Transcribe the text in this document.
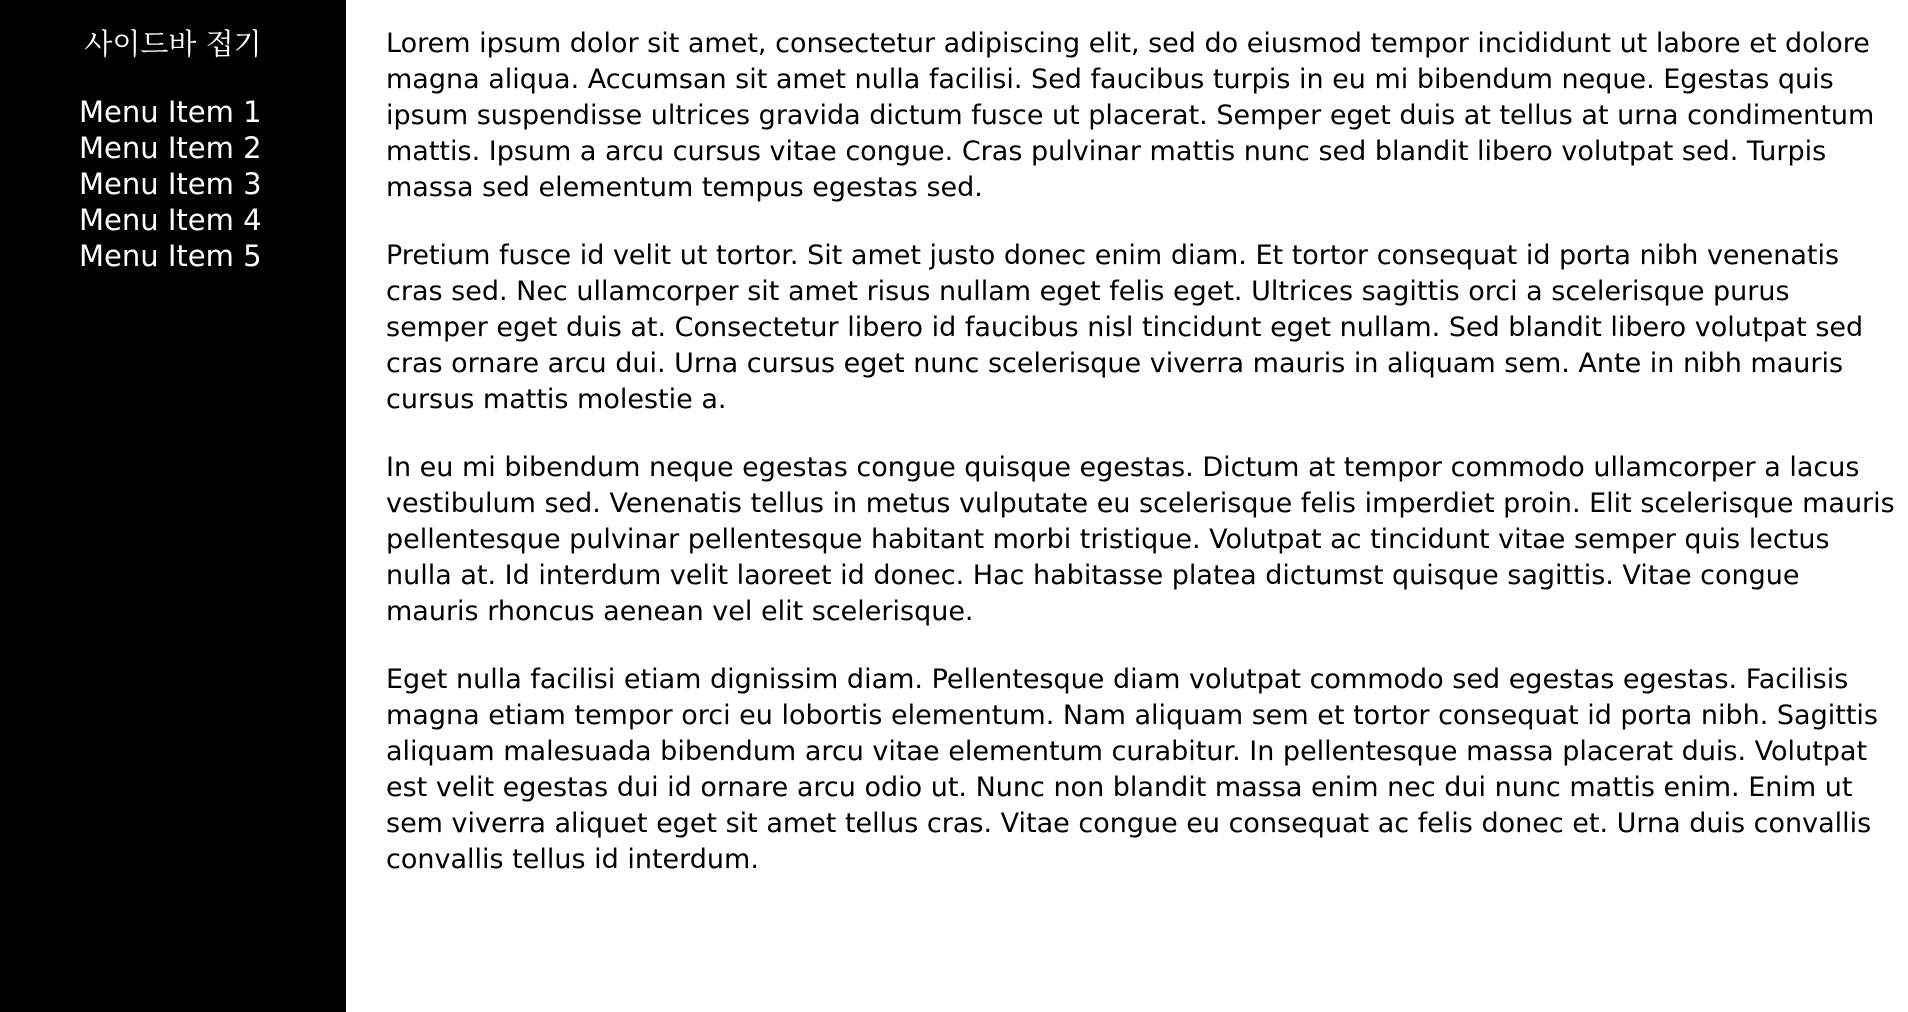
사이드바 접기
Menu Item 1
Menu Item 2
Menu Item 3
Menu Item 4
Menu Item 5

Lorem ipsum dolor sit amet, consectetur adipiscing elit, sed do eiusmod tempor incididunt ut labore et dolore magna aliqua. Accumsan sit amet nulla facilisi. Sed faucibus turpis in eu mi bibendum neque. Egestas quis ipsum suspendisse ultrices gravida dictum fusce ut placerat. Semper eget duis at tellus at urna condimentum mattis. Ipsum a arcu cursus vitae congue. Cras pulvinar mattis nunc sed blandit libero volutpat sed. Turpis massa sed elementum tempus egestas sed.

Pretium fusce id velit ut tortor. Sit amet justo donec enim diam. Et tortor consequat id porta nibh venenatis cras sed. Nec ullamcorper sit amet risus nullam eget felis eget. Ultrices sagittis orci a scelerisque purus semper eget duis at. Consectetur libero id faucibus nisl tincidunt eget nullam. Sed blandit libero volutpat sed cras ornare arcu dui. Urna cursus eget nunc scelerisque viverra mauris in aliquam sem. Ante in nibh mauris cursus mattis molestie a.

In eu mi bibendum neque egestas congue quisque egestas. Dictum at tempor commodo ullamcorper a lacus vestibulum sed. Venenatis tellus in metus vulputate eu scelerisque felis imperdiet proin. Elit scelerisque mauris pellentesque pulvinar pellentesque habitant morbi tristique. Volutpat ac tincidunt vitae semper quis lectus nulla at. Id interdum velit laoreet id donec. Hac habitasse platea dictumst quisque sagittis. Vitae congue mauris rhoncus aenean vel elit scelerisque.

Eget nulla facilisi etiam dignissim diam. Pellentesque diam volutpat commodo sed egestas egestas. Facilisis magna etiam tempor orci eu lobortis elementum. Nam aliquam sem et tortor consequat id porta nibh. Sagittis aliquam malesuada bibendum arcu vitae elementum curabitur. In pellentesque massa placerat duis. Volutpat est velit egestas dui id ornare arcu odio ut. Nunc non blandit massa enim nec dui nunc mattis enim. Enim ut sem viverra aliquet eget sit amet tellus cras. Vitae congue eu consequat ac felis donec et. Urna duis convallis convallis tellus id interdum.
